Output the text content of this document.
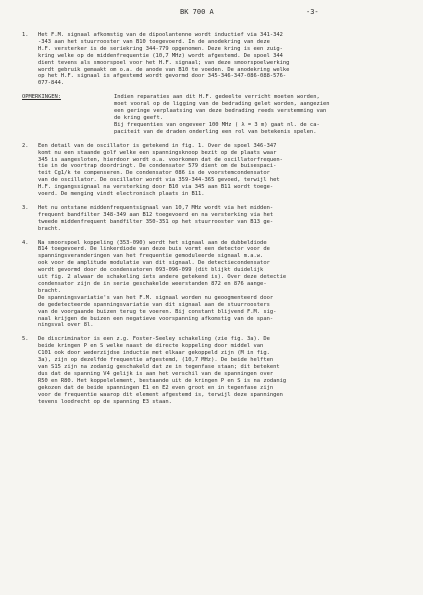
BK 700 A	-3-
1.	Het F.M. signaal afkomstig van de dipoolantenne wordt inductief via 341-342
-343 aan het stuurrooster van B10 toegevoerd. In de anodekring van deze
H.F. versterker is de seriekring 344-779 opgenomen. Deze kring is een zuig-
kring welke op de middenfrequentie (10,7 MHz) wordt afgestemd. De spoel 344
dient tevens als smoorspoel voor het H.F. signaal; van deze smoorspoelwerking
wordt gebruik gemaakt om o.a. de anode van B10 te voeden. De anodekring welke
op het H.F. signaal is afgestemd wordt gevormd door 345-346-347-086-088-576-
077-844.
OPMERKINGEN:	Indien reparaties aan dit H.F. gedeelte verricht moeten worden,
moet vooral op de ligging van de bedrading gelet worden, aangezien
een geringe verplaatsing van deze bedrading reeds verstemming van
de kring geeft.
Bij frequenties van ongeveer 100 MHz ( λ = 3 m) gaat nl. de ca-
paciteit van de draden onderling een rol van betekenis spelen.
2.	Een detail van de oscillator is getekend in fig. 1. Over de spoel 346-347
komt nu een staande golf welke een spanningsknoop bezit op de plaats waar
345 is aangesloten, hierdoor wordt o.a. voorkomen dat de oscillatorfrequen-
tie in de voortrap doordringt. De condensator 579 dient om de buisespaci-
teit Cg1/k te compenseren. De condensator 086 is de voorstemcondensator
van de oscillator. De oscillator wordt via 359-344-365 gevoed, terwijl het
H.F. ingangssignaal na versterking door B10 via 345 aan B11 wordt toege-
voerd. De menging vindt electronisch plaats in B11.
3.	Het nu ontstane middenfrequentsignaal van 10,7 MHz wordt via het midden-
frequent bandfilter 348-349 aan B12 toegevoerd en na versterking via het
tweede middenfrequent bandfilter 350-351 op het stuurrooster van B13 ge-
bracht.
4.	Na smoorspoel koppeling (353-090) wordt het signaal aan de dubbeldiode
B14 toegevoerd. De linkerdiode van deze buis vormt een detector voor de
spanningsveranderingen van het frequentie gemoduleerde signaal m.a.w.
ook voor de amplitude modulatie van dit signaal. De detectiecondensator
wordt gevormd door de condensatoren 093-096-099 (dit blijkt duidelijk
uit fig. 2 alwaar de schakeling iets andere getekend is). Over deze detectie
condensator zijn de in serie geschakelde weerstanden 872 en 876 aange-
bracht.
De spanningsvariatie's van het F.M. signaal worden nu geoogmenteerd door
de gedetecteerde spanningsvariatie van dit signaal aan de stuurroosters
van de voorgaande buizen terug te voeren. Bij constant blijvend F.M. sig-
naal krijgen de buizen een negatieve voorspanning afkomstig van de span-
ningsval over 8l.
5.	De discriminator is een z.g. Foster-Seeley schakeling (zie fig. 3a). De
beide kringen P en S welke naast de directe koppeling door middel van
C101 ook door wederzijdse inductie met elkaar gekoppeld zijn (M in fig.
3a), zijn op dezelfde frequentie afgestemd, (10,7 MHz). De beide helften
van S15 zijn na zodanig geschakeld dat ze in tegenfase staan; dit betekent
dus dat de spanning V4 gelijk is aan het verschil van de spanningen over
R50 en R80. Het koppelelement, bestaande uit de kringen P en S is na zodanig
gekozen dat de beide spanningen E1 en E2 even groot en in tegenfase zijn
voor de frequentie waarop dit element afgestemd is, terwijl deze spanningen
tevens loodrecht op de spanning E3 staan.
